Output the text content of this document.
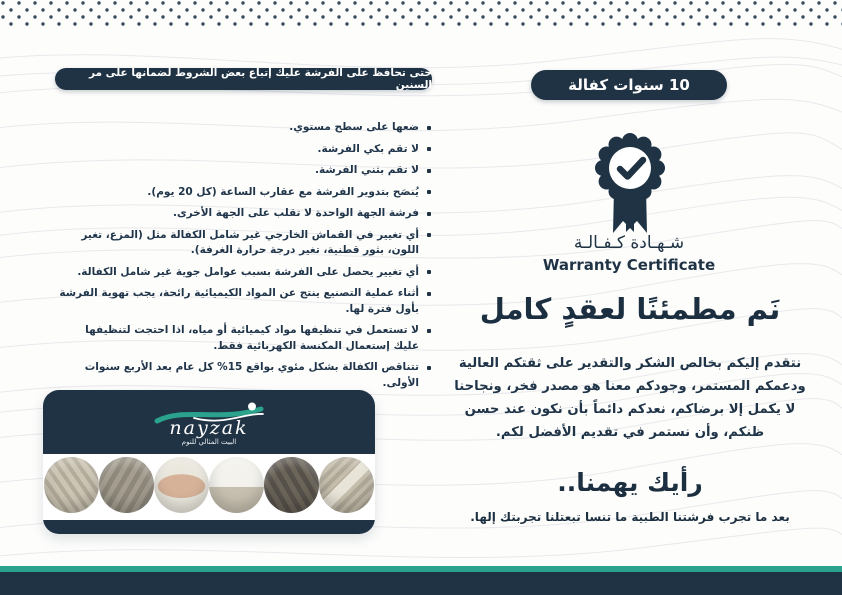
10 سنوات كفالة
شـهـادة كـفـالـة
Warranty Certificate
نَم مطمئنًا لعقدٍ كامل
نتقدم إليكم بخالص الشكر والتقدير على ثقتكم العالية ودعمكم المستمر، وجودكم معنا هو مصدر فخر، ونجاحنا لا يكمل إلا برضاكم، نعدكم دائماً بأن نكون عند حسن ظنكم، وأن نستمر في تقديم الأفضل لكم.
رأيك يهمنا..
بعد ما تجرب فرشتنا الطبية ما تنسا تبعتلنا تجربتك إلها.
حتى تحافظ على الفرشة عليك إتباع بعض الشروط لضمانها على مر السنين
ضعها على سطح مستوي.
لا تقم بكي الفرشة.
لا تقم بثني الفرشة.
يُنصَح بتدوير الفرشة مع عقارب الساعة (كل 20 يوم).
فرشة الجهة الواحدة لا تقلب على الجهة الأخرى.
أي تغيير في القماش الخارجي غير شامل الكفالة مثل (المزع، تغير اللون، بثور قطنية، تغير درجة حرارة الغرفة).
أي تغيير يحصل على الفرشة بسبب عوامل جوية غير شامل الكفالة.
أثناء عملية التصنيع ينتج عن المواد الكيميائية رائحة، يجب تهوية الفرشة بأول فترة لها.
لا تستعمل في تنظيفها مواد كيميائية أو مياه، اذا احتجت لتنظيفها عليك إستعمال المكنسة الكهربائية فقط.
تتناقص الكفالة بشكل مئوي بواقع 15% كل عام بعد الأربع سنوات الأولى.
nayzak
البيت المثالي للنوم
